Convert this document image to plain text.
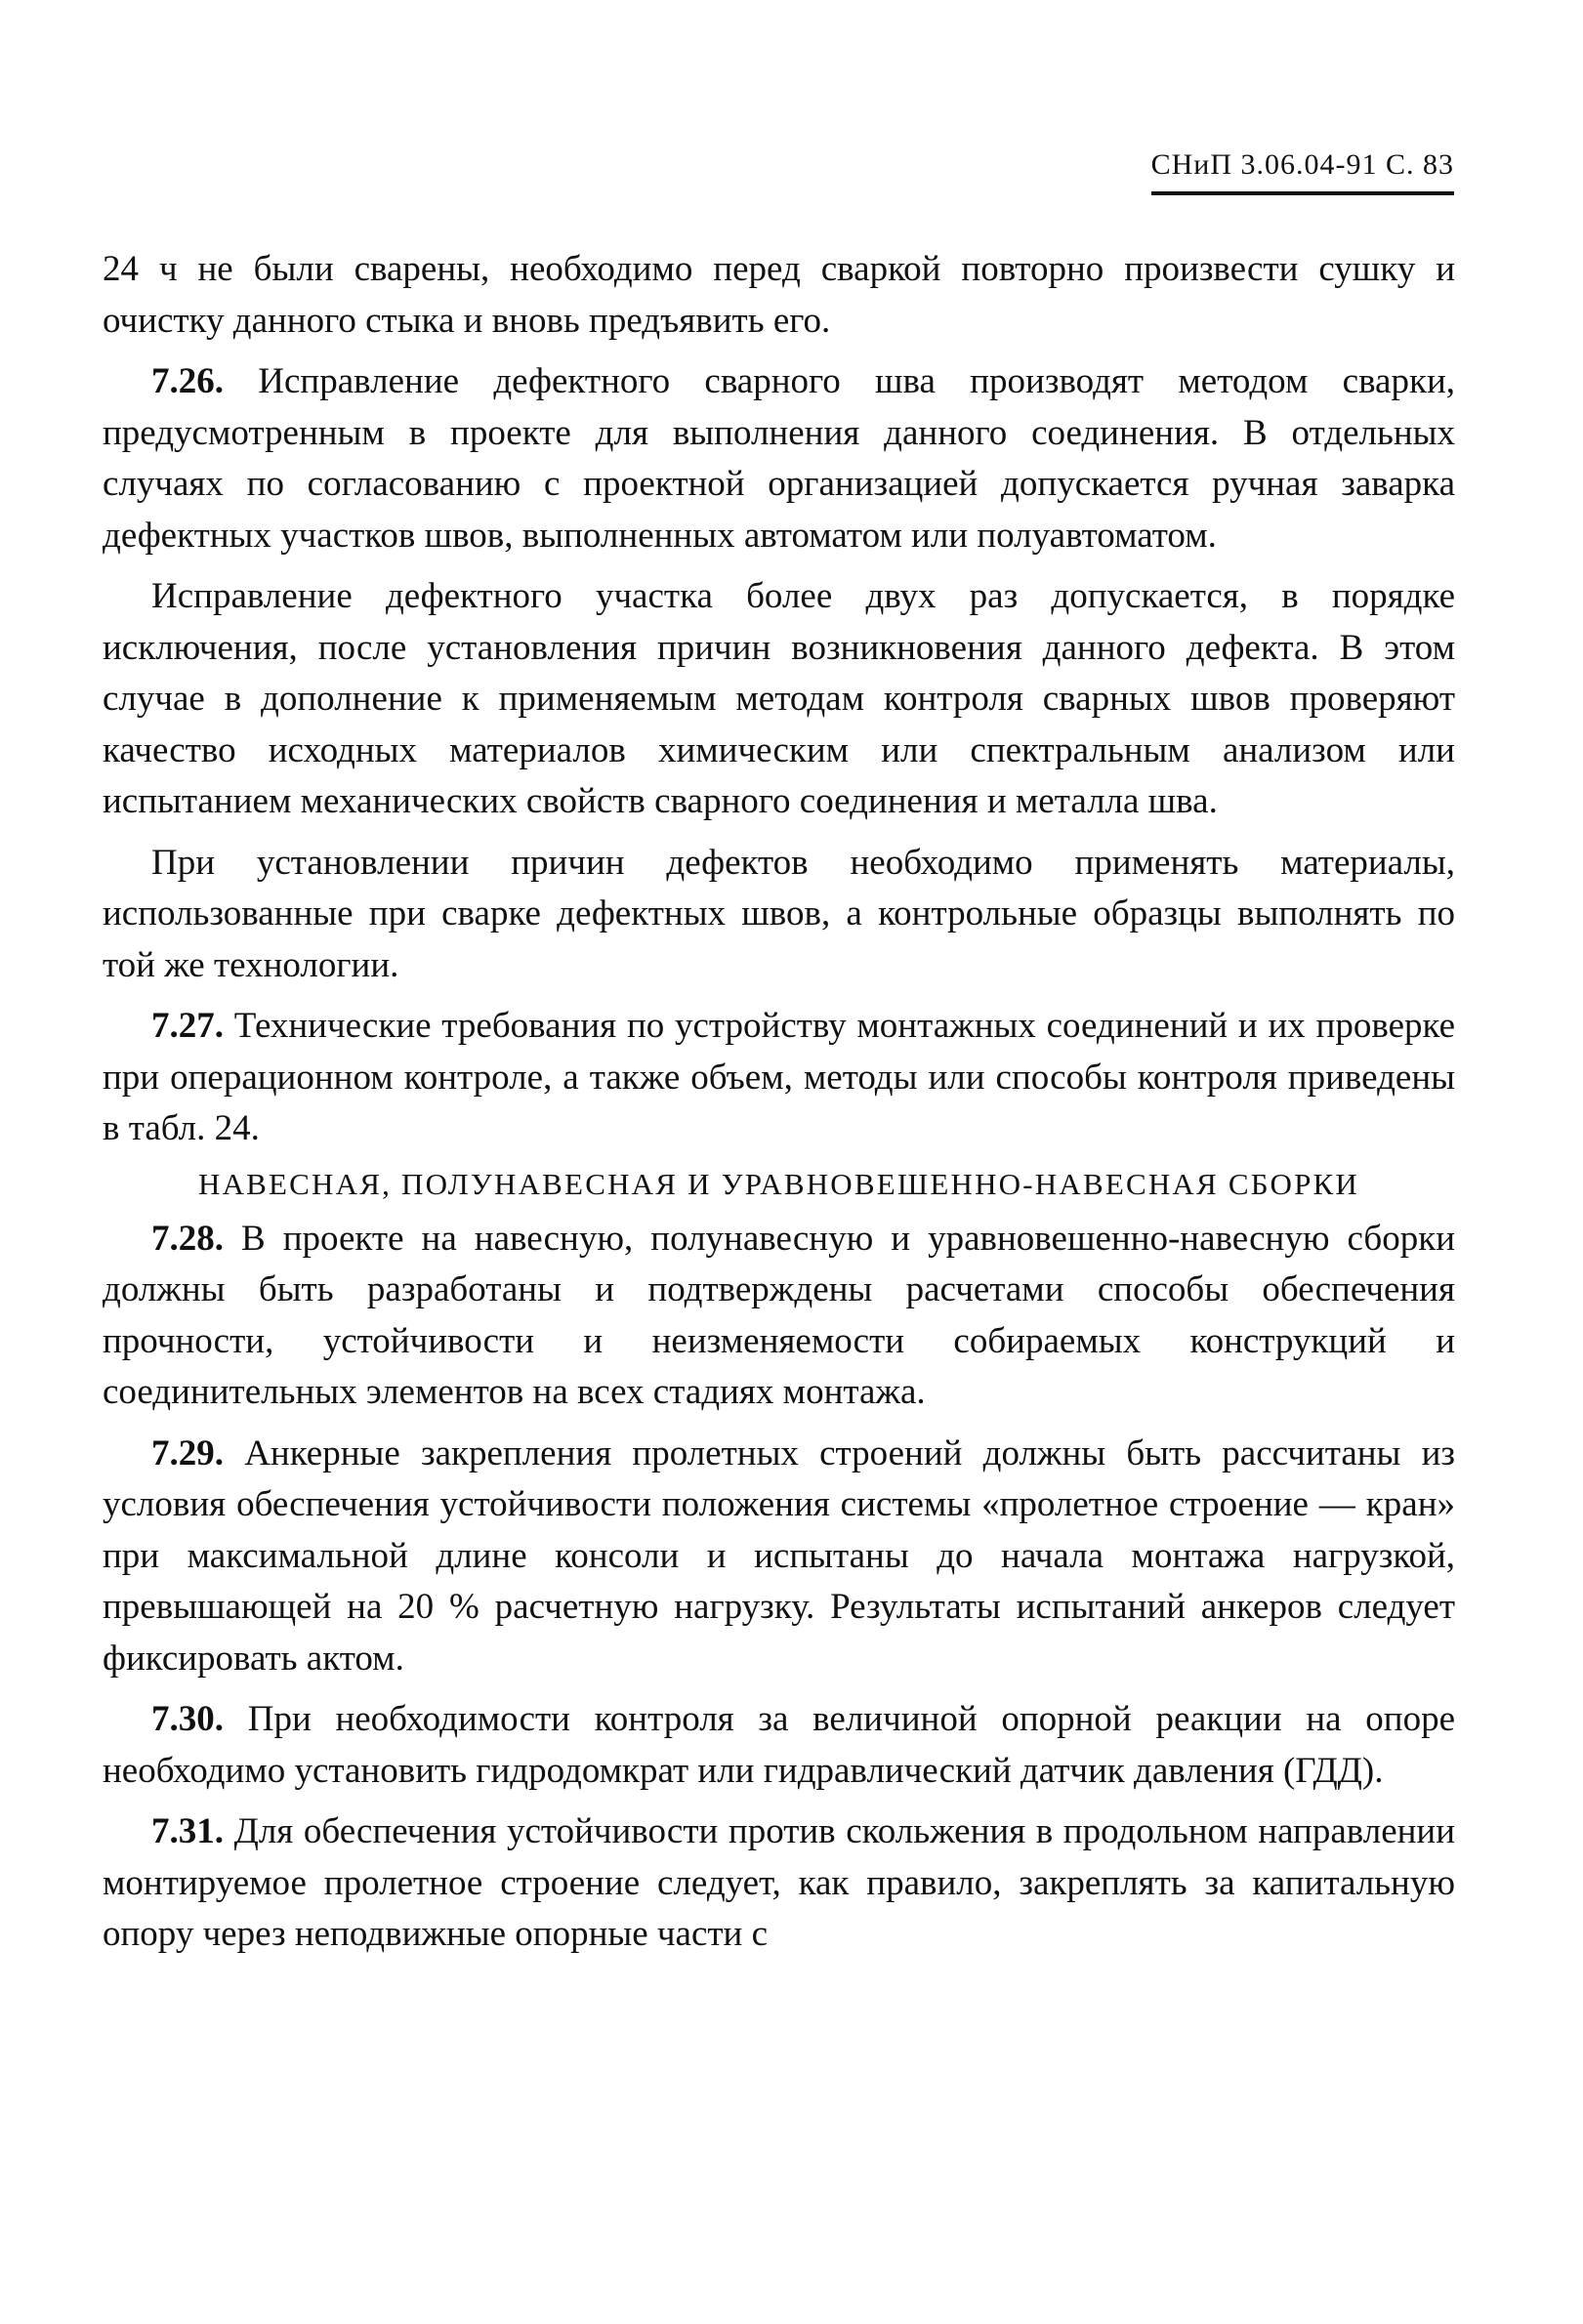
СНиП 3.06.04-91 С. 83

24 ч не были сварены, необходимо перед сваркой повторно произвести сушку и очистку данного стыка и вновь предъявить его.

7.26. Исправление дефектного сварного шва производят методом сварки, предусмотренным в проекте для выполнения данного соединения. В отдельных случаях по согласованию с проектной организацией допускается ручная заварка дефектных участков швов, выполненных автоматом или полуавтоматом.

Исправление дефектного участка более двух раз допускается, в порядке исключения, после установления причин возникновения данного дефекта. В этом случае в дополнение к применяемым методам контроля сварных швов проверяют качество исходных материалов химическим или спектральным анализом или испытанием механических свойств сварного соединения и металла шва.

При установлении причин дефектов необходимо применять материалы, использованные при сварке дефектных швов, а контрольные образцы выполнять по той же технологии.

7.27. Технические требования по устройству монтажных соединений и их проверке при операционном контроле, а также объем, методы или способы контроля приведены в табл. 24.

НАВЕСНАЯ, ПОЛУНАВЕСНАЯ И УРАВНОВЕШЕННО-НАВЕСНАЯ СБОРКИ

7.28. В проекте на навесную, полунавесную и уравновешенно-навесную сборки должны быть разработаны и подтверждены расчетами способы обеспечения прочности, устойчивости и неизменяемости собираемых конструкций и соединительных элементов на всех стадиях монтажа.

7.29. Анкерные закрепления пролетных строений должны быть рассчитаны из условия обеспечения устойчивости положения системы «пролетное строение — кран» при максимальной длине консоли и испытаны до начала монтажа нагрузкой, превышающей на 20 % расчетную нагрузку. Результаты испытаний анкеров следует фиксировать актом.

7.30. При необходимости контроля за величиной опорной реакции на опоре необходимо установить гидродомкрат или гидравлический датчик давления (ГДД).

7.31. Для обеспечения устойчивости против скольжения в продольном направлении монтируемое пролетное строение следует, как правило, закреплять за капитальную опору через неподвижные опорные части с
